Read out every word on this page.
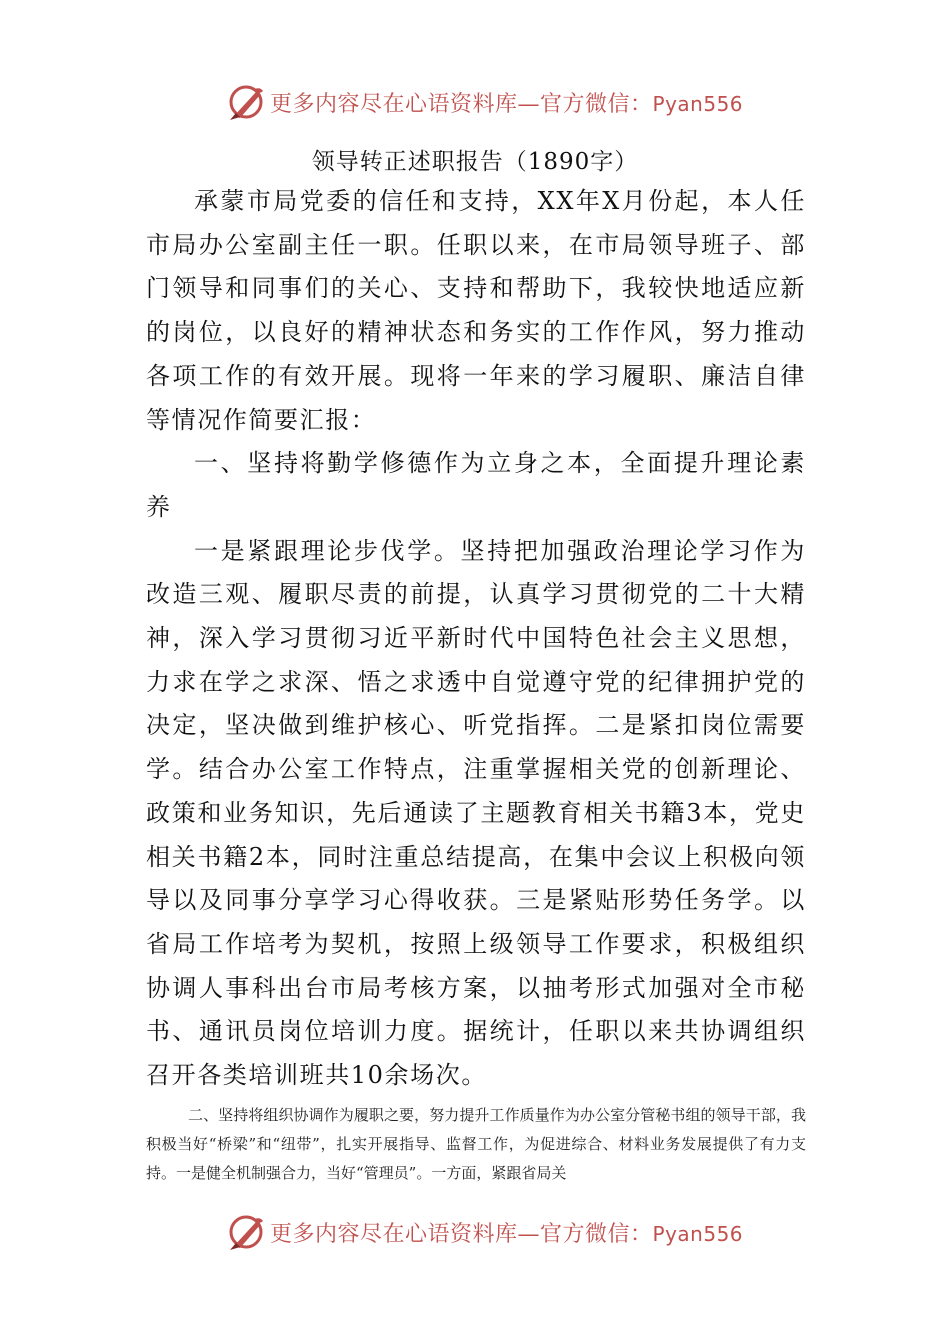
更多内容尽在心语资料库—官方微信：Pyan556
领导转正述职报告（1890字）

承蒙市局党委的信任和支持，XX年X月份起，本人任市局办公室副主任一职。任职以来，在市局领导班子、部门领导和同事们的关心、支持和帮助下，我较快地适应新的岗位，以良好的精神状态和务实的工作作风，努力推动各项工作的有效开展。现将一年来的学习履职、廉洁自律等情况作简要汇报：

一、坚持将勤学修德作为立身之本，全面提升理论素养

一是紧跟理论步伐学。坚持把加强政治理论学习作为改造三观、履职尽责的前提，认真学习贯彻党的二十大精神，深入学习贯彻习近平新时代中国特色社会主义思想，力求在学之求深、悟之求透中自觉遵守党的纪律拥护党的决定，坚决做到维护核心、听党指挥。二是紧扣岗位需要学。结合办公室工作特点，注重掌握相关党的创新理论、政策和业务知识，先后通读了主题教育相关书籍3本，党史相关书籍2本，同时注重总结提高，在集中会议上积极向领导以及同事分享学习心得收获。三是紧贴形势任务学。以省局工作培考为契机，按照上级领导工作要求，积极组织协调人事科出台市局考核方案，以抽考形式加强对全市秘书、通讯员岗位培训力度。据统计，任职以来共协调组织召开各类培训班共10余场次。

二、坚持将组织协调作为履职之要，努力提升工作质量作为办公室分管秘书组的领导干部，我积极当好“桥梁”和“纽带”，扎实开展指导、监督工作，为促进综合、材料业务发展提供了有力支持。一是健全机制强合力，当好“管理员”。一方面，紧跟省局关

更多内容尽在心语资料库—官方微信：Pyan556
